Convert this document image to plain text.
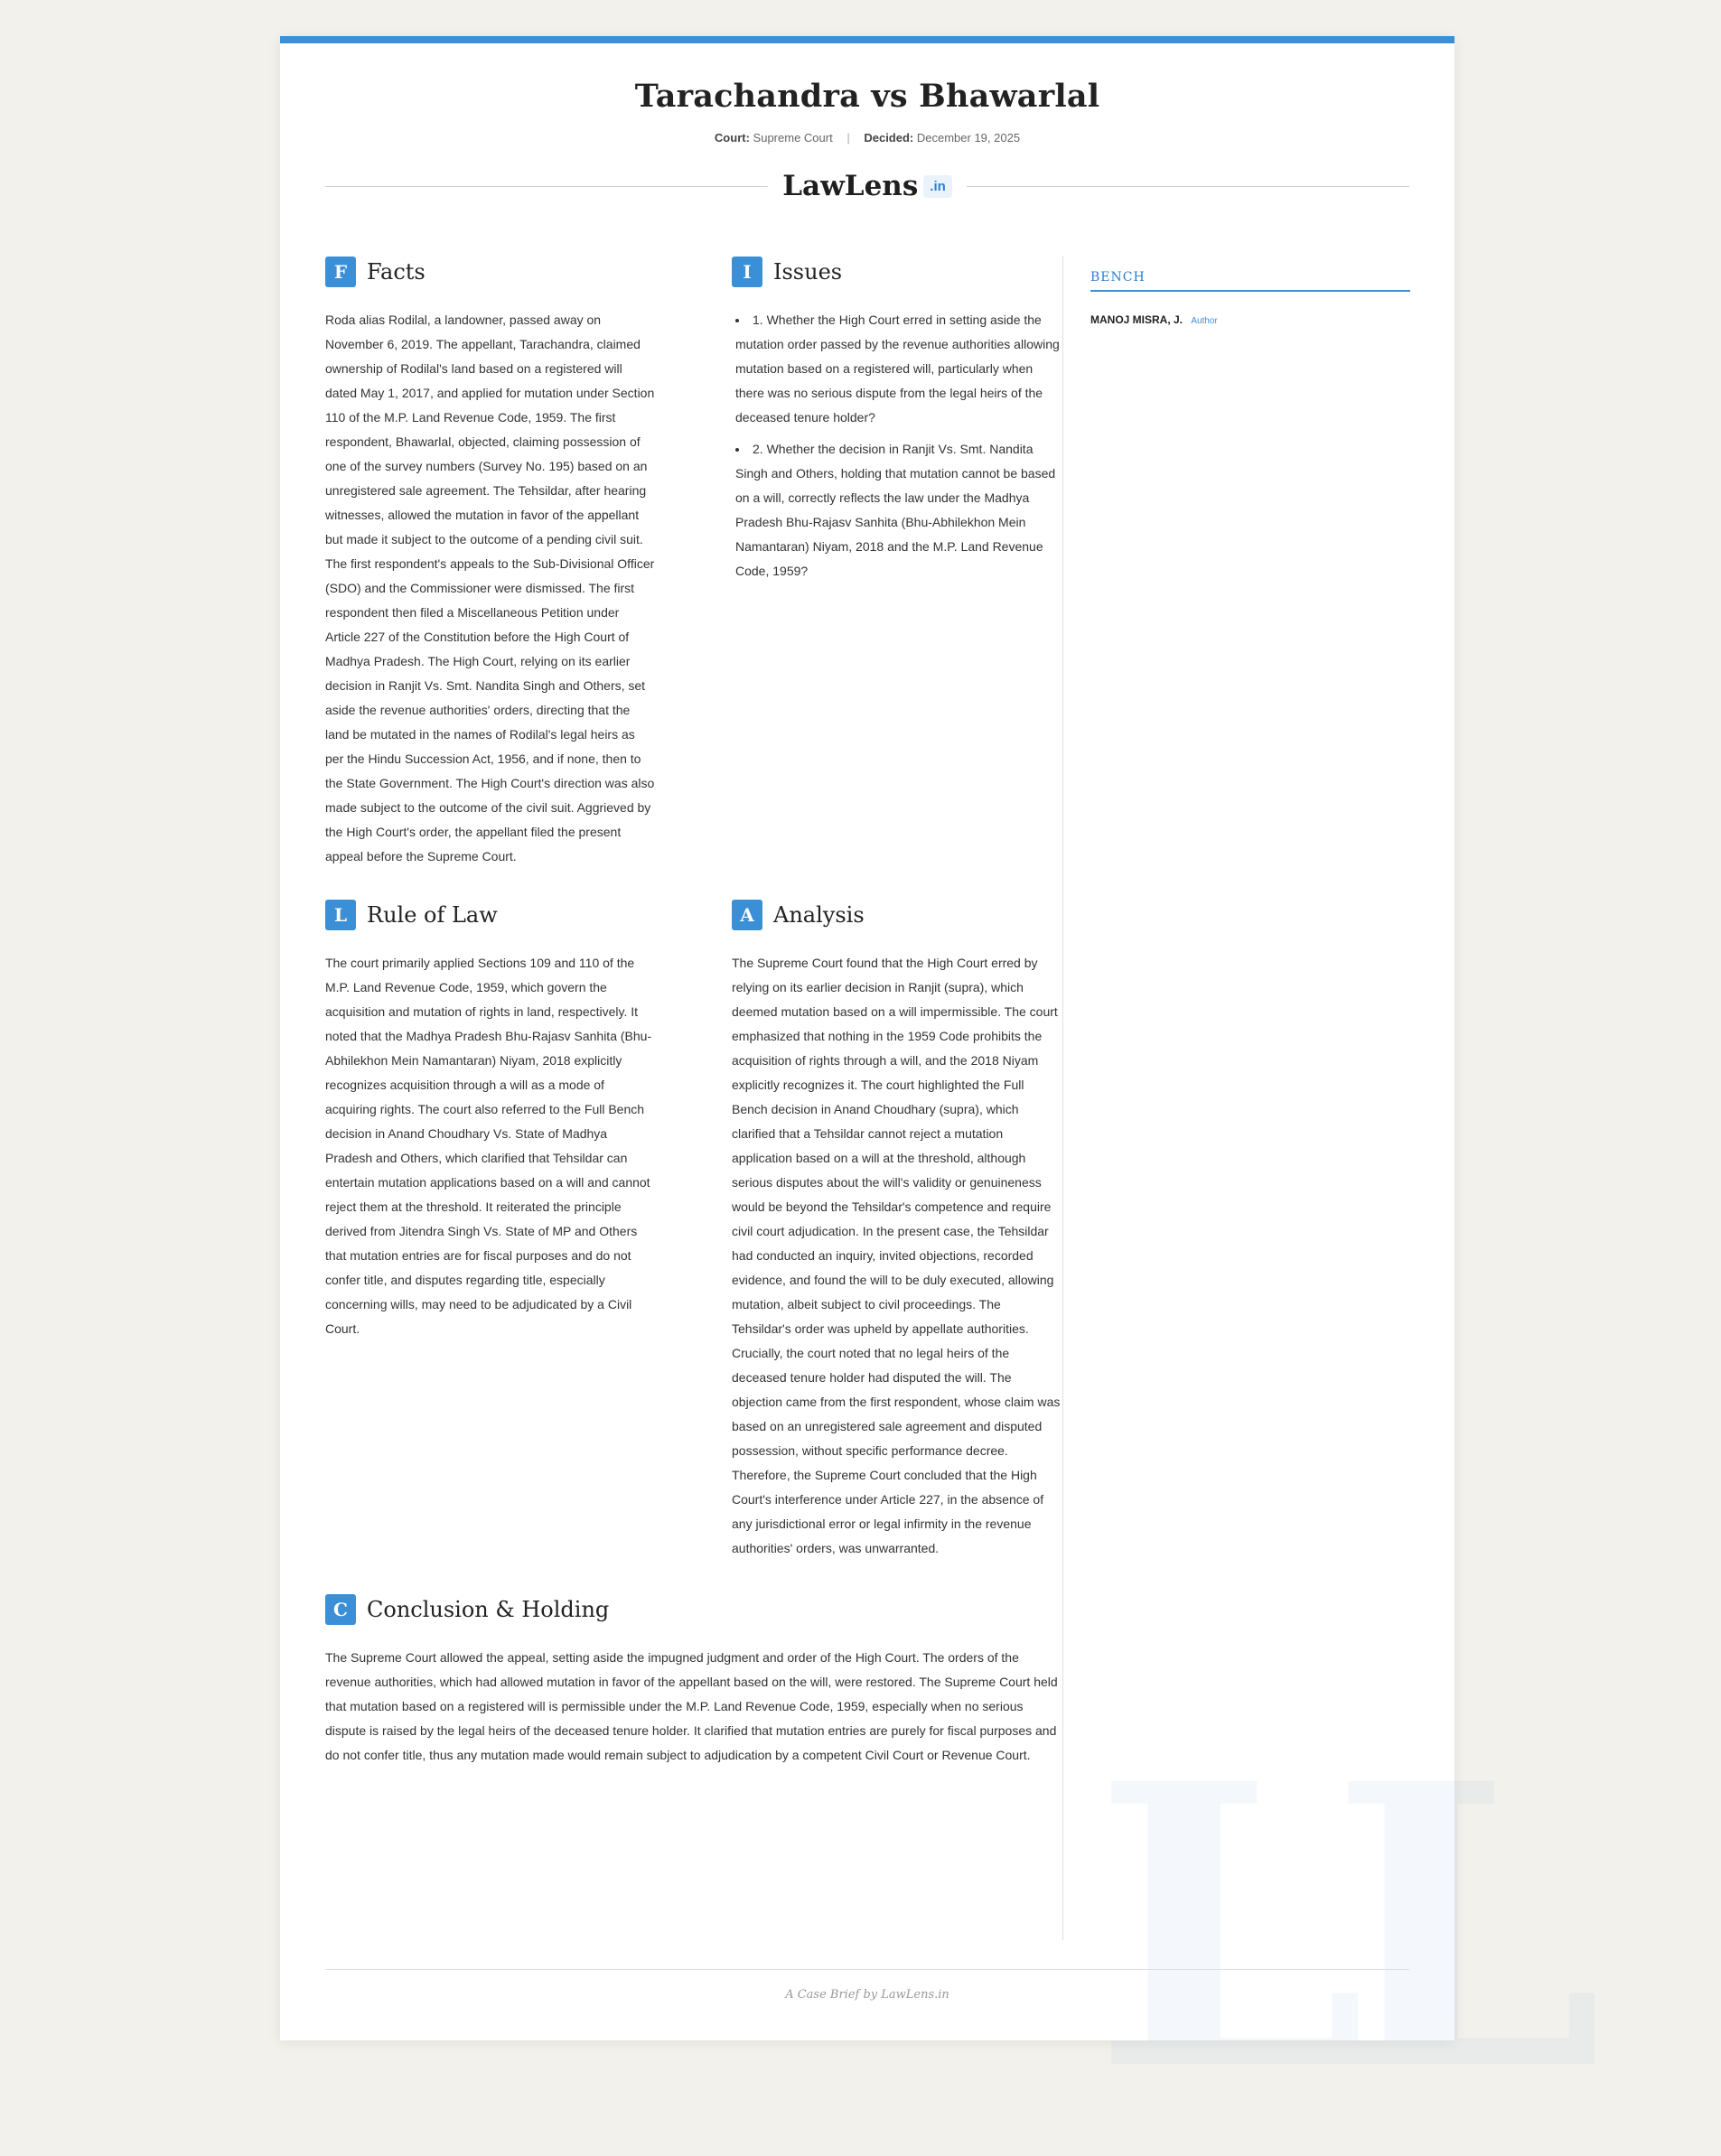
LL
Tarachandra vs Bhawarlal
Court: Supreme Court | Decided: December 19, 2025
LawLens .in
F Facts

Roda alias Rodilal, a landowner, passed away on November 6, 2019. The appellant, Tarachandra, claimed ownership of Rodilal's land based on a registered will dated May 1, 2017, and applied for mutation under Section 110 of the M.P. Land Revenue Code, 1959. The first respondent, Bhawarlal, objected, claiming possession of one of the survey numbers (Survey No. 195) based on an unregistered sale agreement. The Tehsildar, after hearing witnesses, allowed the mutation in favor of the appellant but made it subject to the outcome of a pending civil suit. The first respondent's appeals to the Sub-Divisional Officer (SDO) and the Commissioner were dismissed. The first respondent then filed a Miscellaneous Petition under Article 227 of the Constitution before the High Court of Madhya Pradesh. The High Court, relying on its earlier decision in Ranjit Vs. Smt. Nandita Singh and Others, set aside the revenue authorities' orders, directing that the land be mutated in the names of Rodilal's legal heirs as per the Hindu Succession Act, 1956, and if none, then to the State Government. The High Court's direction was also made subject to the outcome of the civil suit. Aggrieved by the High Court's order, the appellant filed the present appeal before the Supreme Court.

I	Issues
• 1. Whether the High Court erred in setting aside the mutation order passed by the revenue authorities allowing mutation based on a registered will, particularly when there was no serious dispute from the legal heirs of the deceased tenure holder?
• 2. Whether the decision in Ranjit Vs. Smt. Nandita Singh and Others, holding that mutation cannot be based on a will, correctly reflects the law under the Madhya Pradesh Bhu-Rajasv Sanhita (Bhu-Abhilekhon Mein Namantaran) Niyam, 2018 and the M.P. Land Revenue Code, 1959?
L Rule of Law

The court primarily applied Sections 109 and 110 of the M.P. Land Revenue Code, 1959, which govern the acquisition and mutation of rights in land, respectively. It noted that the Madhya Pradesh Bhu-Rajasv Sanhita (Bhu-Abhilekhon Mein Namantaran) Niyam, 2018 explicitly recognizes acquisition through a will as a mode of acquiring rights. The court also referred to the Full Bench decision in Anand Choudhary Vs. State of Madhya Pradesh and Others, which clarified that Tehsildar can entertain mutation applications based on a will and cannot reject them at the threshold. It reiterated the principle derived from Jitendra Singh Vs. State of MP and Others that mutation entries are for fiscal purposes and do not confer title, and disputes regarding title, especially concerning wills, may need to be adjudicated by a Civil Court.

A Analysis

The Supreme Court found that the High Court erred by relying on its earlier decision in Ranjit (supra), which deemed mutation based on a will impermissible. The court emphasized that nothing in the 1959 Code prohibits the acquisition of rights through a will, and the 2018 Niyam explicitly recognizes it. The court highlighted the Full Bench decision in Anand Choudhary (supra), which clarified that a Tehsildar cannot reject a mutation application based on a will at the threshold, although serious disputes about the will's validity or genuineness would be beyond the Tehsildar's competence and require civil court adjudication. In the present case, the Tehsildar had conducted an inquiry, invited objections, recorded evidence, and found the will to be duly executed, allowing mutation, albeit subject to civil proceedings. The Tehsildar's order was upheld by appellate authorities. Crucially, the court noted that no legal heirs of the deceased tenure holder had disputed the will. The objection came from the first respondent, whose claim was based on an unregistered sale agreement and disputed possession, without specific performance decree. Therefore, the Supreme Court concluded that the High Court's interference under Article 227, in the absence of any jurisdictional error or legal infirmity in the revenue authorities' orders, was unwarranted.

C Conclusion & Holding

The Supreme Court allowed the appeal, setting aside the impugned judgment and order of the High Court. The orders of the revenue authorities, which had allowed mutation in favor of the appellant based on the will, were restored. The Supreme Court held that mutation based on a registered will is permissible under the M.P. Land Revenue Code, 1959, especially when no serious dispute is raised by the legal heirs of the deceased tenure holder. It clarified that mutation entries are purely for fiscal purposes and do not confer title, thus any mutation made would remain subject to adjudication by a competent Civil Court or Revenue Court.

BENCH
MANOJ MISRA, J. Author
A Case Brief by LawLens.in
